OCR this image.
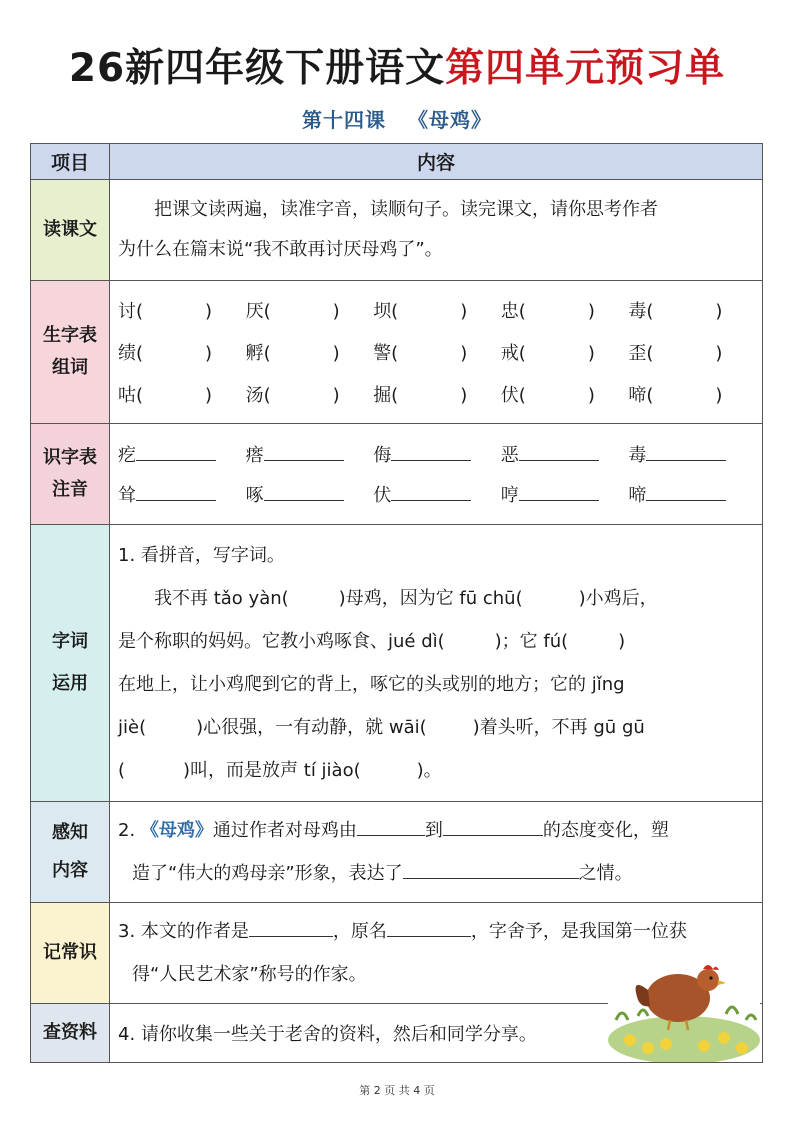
26新四年级下册语文第四单元预习单
第十四课 《母鸡》
项目	内容
读课文	
把课文读两遍，读准字音，读顺句子。读完课文，请你思考作者
为什么在篇末说“我不敢再讨厌母鸡了”。

生字表
组词

讨(	)	厌(	)	坝(	)	忠(	)	毒(	)
绩(	)	孵(	)	警(	)	戒(	)	歪(	)
咕(	)	汤(	)	掘(	)	伏(	)	啼(	)

识字表
注音

疙	瘩	侮	恶	毒
耸	啄	伏	哼	啼

字词
运用

1. 看拼音，写字词。
我不再 tǎo yàn(	)母鸡，因为它 fū chū(	)小鸡后，
是个称职的妈妈。它教小鸡啄食、jué dì(	)；它 fú(	)
在地上，让小鸡爬到它的背上，啄它的头或别的地方；它的 jǐng
jiè(	)心很强，一有动静，就 wāi(	)着头听，不再 gū gū
(	)叫，而是放声 tí jiào(	)。

感知
内容

2. 《母鸡》通过作者对母鸡由	到	的态度变化，塑
造了“伟大的鸡母亲”形象，表达了	之情。

记常识	
3. 本文的作者是	，原名	，字舍予，是我国第一位获
得“人民艺术家”称号的作家。

查资料	4. 请你收集一些关于老舍的资料，然后和同学分享。
第 2 页 共 4 页
